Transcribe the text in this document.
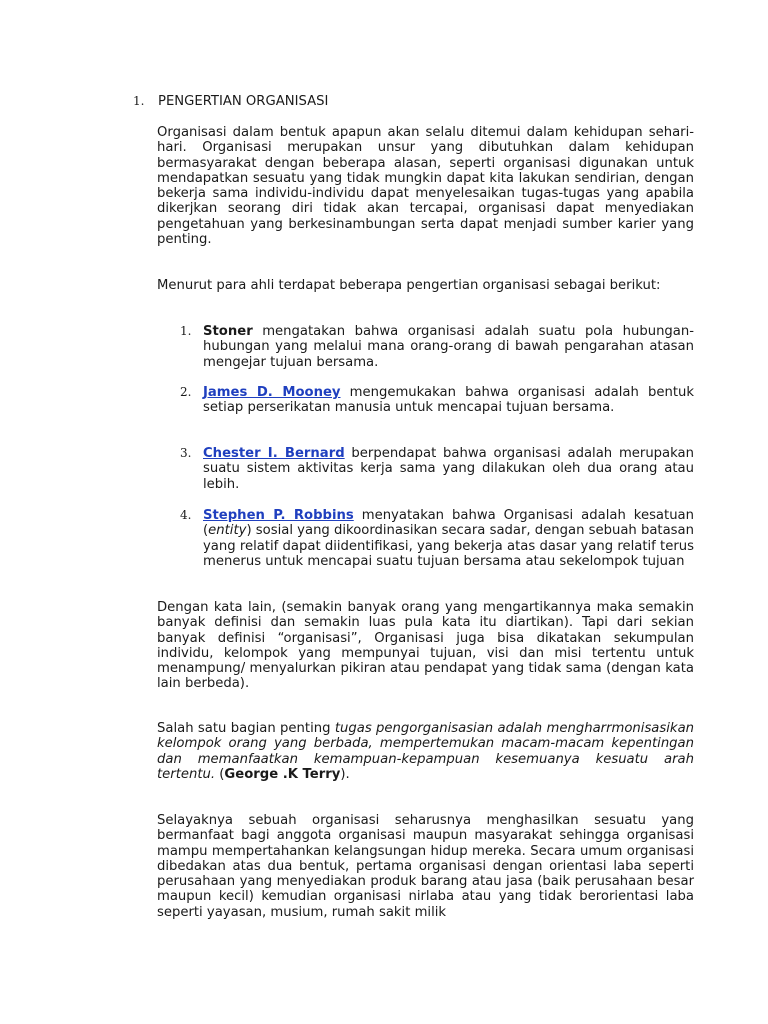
1.	PENGERTIAN ORGANISASI

Organisasi dalam bentuk apapun akan selalu ditemui dalam kehidupan sehari-hari. Organisasi merupakan unsur yang dibutuhkan dalam kehidupan bermasyarakat dengan beberapa alasan, seperti organisasi digunakan untuk mendapatkan sesuatu yang tidak mungkin dapat kita lakukan sendirian, dengan bekerja sama individu-individu dapat menyelesaikan tugas-tugas yang apabila dikerjkan seorang diri tidak akan tercapai, organisasi dapat menyediakan pengetahuan yang berkesinambungan serta dapat menjadi sumber karier yang penting.

Menurut para ahli terdapat beberapa pengertian organisasi sebagai berikut:

1. Stoner mengatakan bahwa organisasi adalah suatu pola hubungan-hubungan yang melalui mana orang-orang di bawah pengarahan atasan mengejar tujuan bersama.
2. James D. Mooney mengemukakan bahwa organisasi adalah bentuk setiap perserikatan manusia untuk mencapai tujuan bersama.
3. Chester I. Bernard berpendapat bahwa organisasi adalah merupakan suatu sistem aktivitas kerja sama yang dilakukan oleh dua orang atau lebih.
4. Stephen P. Robbins menyatakan bahwa Organisasi adalah kesatuan (entity) sosial yang dikoordinasikan secara sadar, dengan sebuah batasan yang relatif dapat diidentifikasi, yang bekerja atas dasar yang relatif terus menerus untuk mencapai suatu tujuan bersama atau sekelompok tujuan

Dengan kata lain, (semakin banyak orang yang mengartikannya maka semakin banyak definisi dan semakin luas pula kata itu diartikan). Tapi dari sekian banyak definisi “organisasi”, Organisasi juga bisa dikatakan sekumpulan individu, kelompok yang mempunyai tujuan, visi dan misi tertentu untuk menampung/ menyalurkan pikiran atau pendapat yang tidak sama (dengan kata lain berbeda).

Salah satu bagian penting tugas pengorganisasian adalah mengharrmonisasikan kelompok orang yang berbada, mempertemukan macam-macam kepentingan dan memanfaatkan kemampuan-kepampuan kesemuanya kesuatu arah tertentu. (George .K Terry).

Selayaknya sebuah organisasi seharusnya menghasilkan sesuatu yang bermanfaat bagi anggota organisasi maupun masyarakat sehingga organisasi mampu mempertahankan kelangsungan hidup mereka. Secara umum organisasi dibedakan atas dua bentuk, pertama organisasi dengan orientasi laba seperti perusahaan yang menyediakan produk barang atau jasa (baik perusahaan besar maupun kecil) kemudian organisasi nirlaba atau yang tidak berorientasi laba seperti yayasan, musium, rumah sakit milik
